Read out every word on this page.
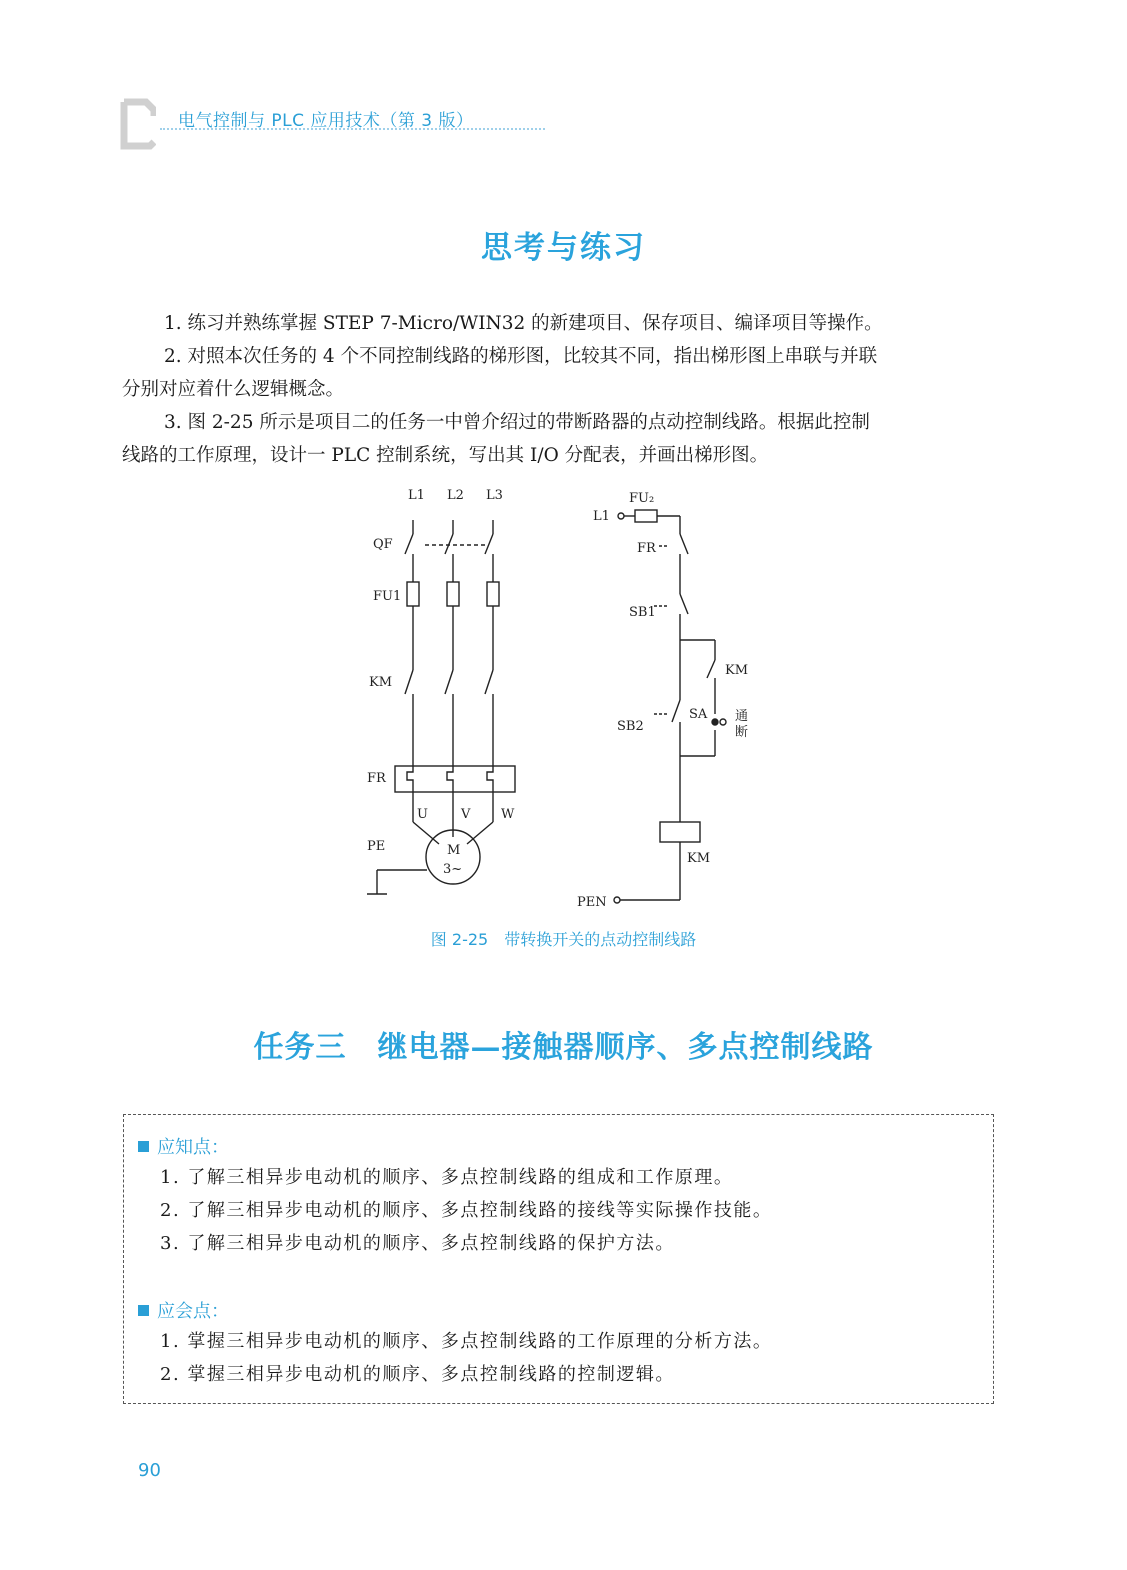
电气控制与 PLC 应用技术（第 3 版）
思考与练习

1. 练习并熟练掌握 STEP 7-Micro/WIN32 的新建项目、保存项目、编译项目等操作。

2. 对照本次任务的 4 个不同控制线路的梯形图，比较其不同，指出梯形图上串联与并联

分别对应着什么逻辑概念。

3. 图 2-25 所示是项目二的任务一中曾介绍过的带断路器的点动控制线路。根据此控制

线路的工作原理，设计一 PLC 控制系统，写出其 I/O 分配表，并画出梯形图。

L1 L2 L3
QF
FU1
KM
FR
U	V W
PE	M
3~
L1
FU₂
FR
SB1
KM
SA 通
断
SB2
KM
PEN
图 2-25　带转换开关的点动控制线路
任务三　继电器—接触器顺序、多点控制线路
应知点：
1. 了解三相异步电动机的顺序、多点控制线路的组成和工作原理。
2. 了解三相异步电动机的顺序、多点控制线路的接线等实际操作技能。
3. 了解三相异步电动机的顺序、多点控制线路的保护方法。
应会点：
1. 掌握三相异步电动机的顺序、多点控制线路的工作原理的分析方法。
2. 掌握三相异步电动机的顺序、多点控制线路的控制逻辑。
90
